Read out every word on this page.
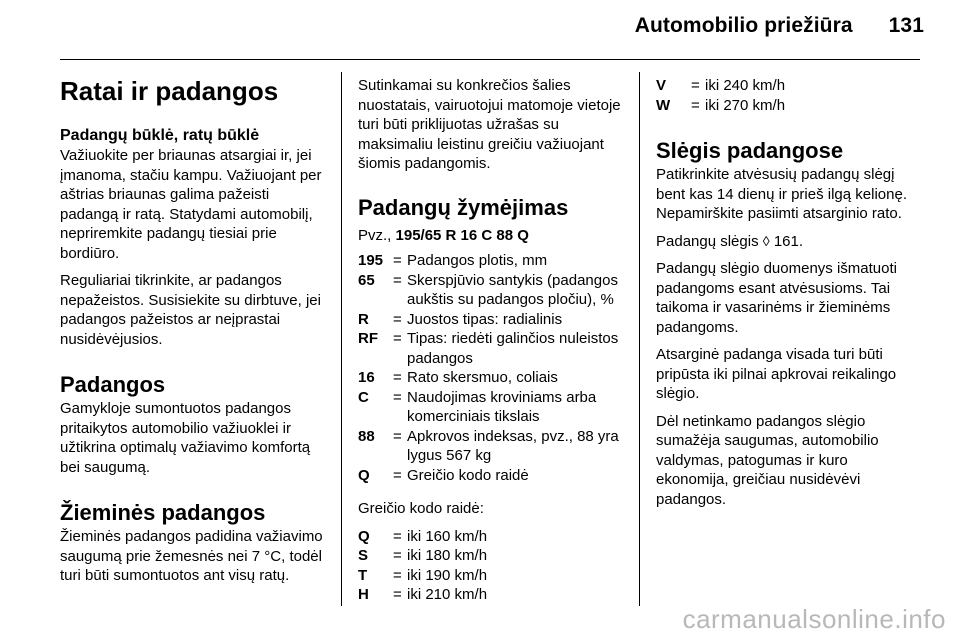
Automobilio priežiūra 131
Ratai ir padangos
Padangų būklė, ratų būklė

Važiuokite per briaunas atsargiai ir, jei įmanoma, stačiu kampu. Važiuojant per aštrias briaunas galima pažeisti padangą ir ratą. Statydami automobilį, nepriremkite padangų tiesiai prie bordiūro.

Reguliariai tikrinkite, ar padangos nepažeistos. Susisiekite su dirbtuve, jei padangos pažeistos ar neįprastai nusidėvėjusios.

Padangos

Gamykloje sumontuotos padangos pritaikytos automobilio važiuoklei ir užtikrina optimalų važiavimo komfortą bei saugumą.

Žieminės padangos

Žieminės padangos padidina važiavimo saugumą prie žemesnės nei 7 °C, todėl turi būti sumontuotos ant visų ratų.

Sutinkamai su konkrečios šalies nuostatais, vairuotojui matomoje vietoje turi būti priklijuotas užrašas su maksimaliu leistinu greičiu važiuojant šiomis padangomis.

Padangų žymėjimas

Pvz., 195/65 R 16 C 88 Q

195 = Padangos plotis, mm
65	= Skerspjūvio santykis (padangos aukštis su padangos pločiu), %
R	= Juostos tipas: radialinis
RF	= Tipas: riedėti galinčios nuleistos padangos
16	= Rato skersmuo, coliais
C	= Naudojimas kroviniams arba komerciniais tikslais
88	= Apkrovos indeksas, pvz., 88 yra lygus 567 kg
Q	= Greičio kodo raidė

Greičio kodo raidė:

Q	= iki 160 km/h
S	= iki 180 km/h
T	= iki 190 km/h
H	= iki 210 km/h
V	= iki 240 km/h
W	= iki 270 km/h
Slėgis padangose

Patikrinkite atvėsusių padangų slėgį bent kas 14 dienų ir prieš ilgą kelionę. Nepamirškite pasiimti atsarginio rato.

Padangų slėgis ◊ 161.

Padangų slėgio duomenys išmatuoti padangoms esant atvėsusioms. Tai taikoma ir vasarinėms ir žieminėms padangoms.

Atsarginė padanga visada turi būti pripūsta iki pilnai apkrovai reikalingo slėgio.

Dėl netinkamo padangos slėgio sumažėja saugumas, automobilio valdymas, patogumas ir kuro ekonomija, greičiau nusidėvėvi padangos.

carmanualsonline.info
